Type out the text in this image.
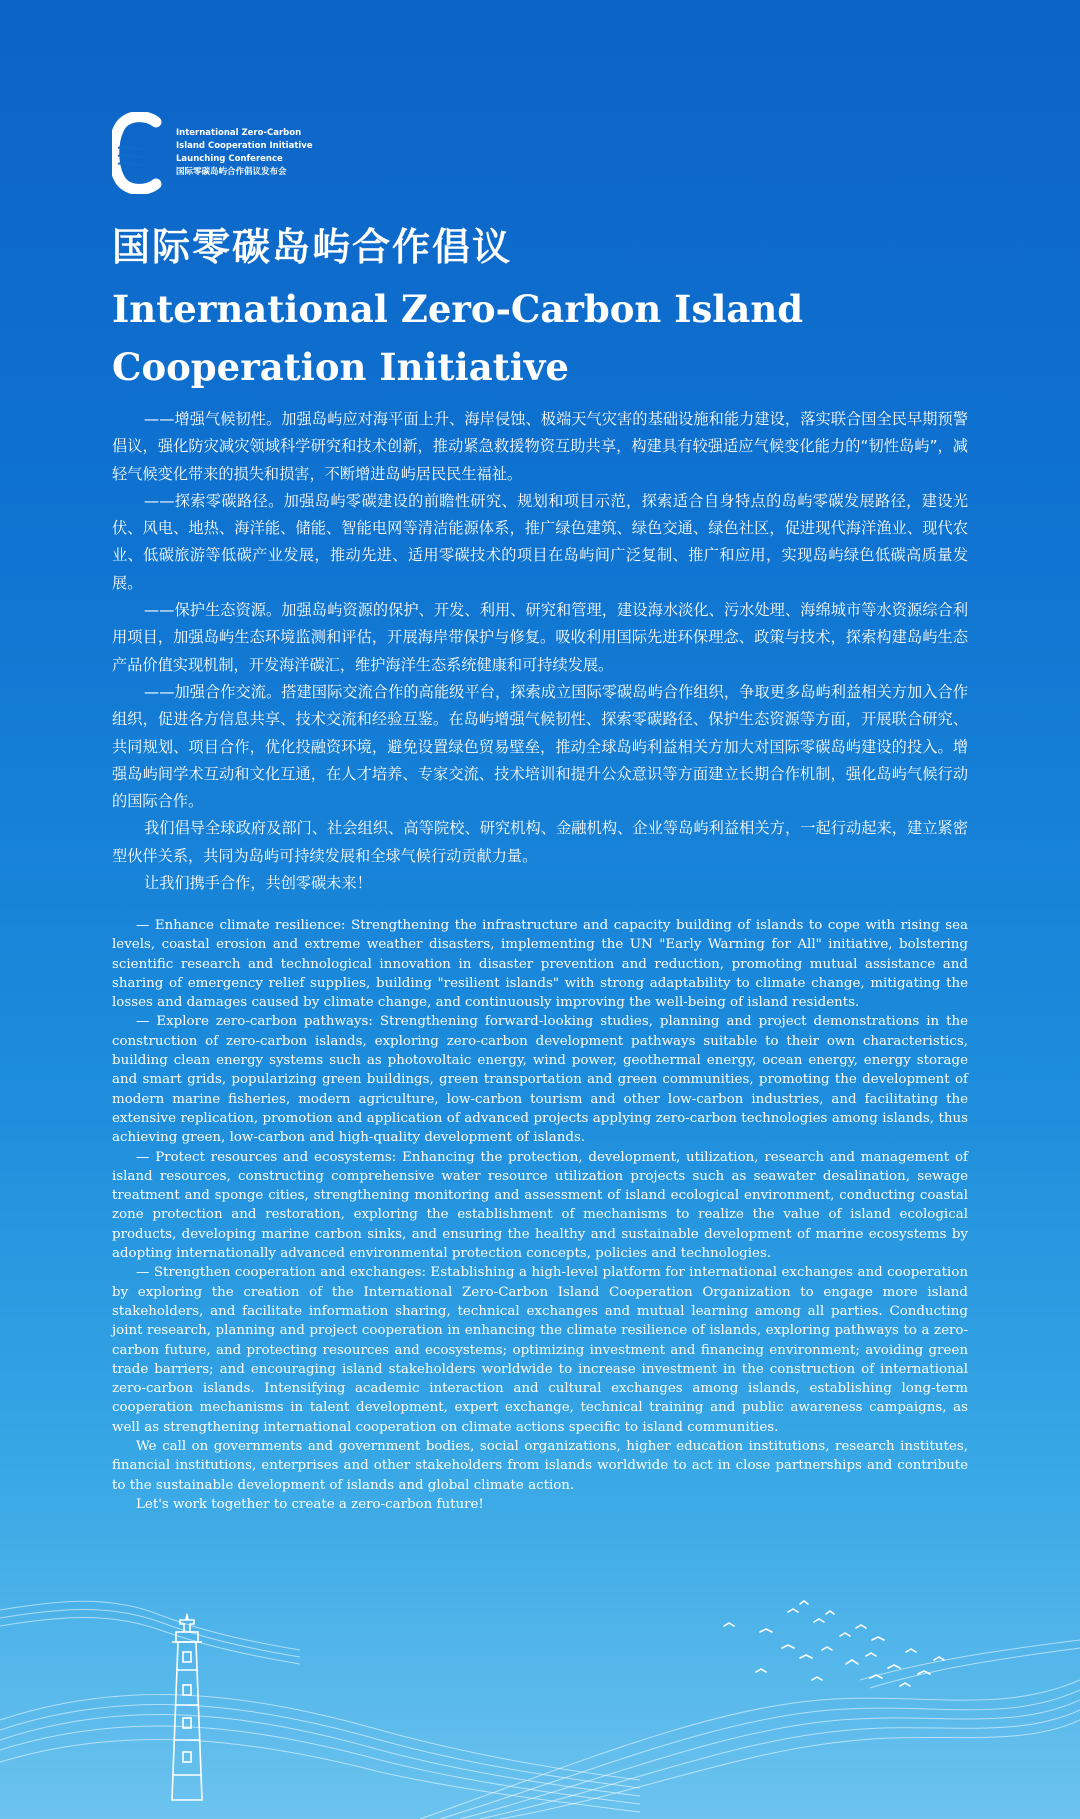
International Zero-Carbon
Island Cooperation Initiative
Launching Conference
国际零碳岛屿合作倡议发布会
国际零碳岛屿合作倡议
International Zero-Carbon Island Cooperation Initiative

——增强气候韧性。加强岛屿应对海平面上升、海岸侵蚀、极端天气灾害的基础设施和能力建设，落实联合国全民早期预警倡议，强化防灾减灾领域科学研究和技术创新，推动紧急救援物资互助共享，构建具有较强适应气候变化能力的“韧性岛屿”，减轻气候变化带来的损失和损害，不断增进岛屿居民民生福祉。

——探索零碳路径。加强岛屿零碳建设的前瞻性研究、规划和项目示范，探索适合自身特点的岛屿零碳发展路径，建设光伏、风电、地热、海洋能、储能、智能电网等清洁能源体系，推广绿色建筑、绿色交通、绿色社区，促进现代海洋渔业、现代农业、低碳旅游等低碳产业发展，推动先进、适用零碳技术的项目在岛屿间广泛复制、推广和应用，实现岛屿绿色低碳高质量发展。

——保护生态资源。加强岛屿资源的保护、开发、利用、研究和管理，建设海水淡化、污水处理、海绵城市等水资源综合利用项目，加强岛屿生态环境监测和评估，开展海岸带保护与修复。吸收利用国际先进环保理念、政策与技术，探索构建岛屿生态产品价值实现机制，开发海洋碳汇，维护海洋生态系统健康和可持续发展。

——加强合作交流。搭建国际交流合作的高能级平台，探索成立国际零碳岛屿合作组织，争取更多岛屿利益相关方加入合作组织，促进各方信息共享、技术交流和经验互鉴。在岛屿增强气候韧性、探索零碳路径、保护生态资源等方面，开展联合研究、共同规划、项目合作，优化投融资环境，避免设置绿色贸易壁垒，推动全球岛屿利益相关方加大对国际零碳岛屿建设的投入。增强岛屿间学术互动和文化互通，在人才培养、专家交流、技术培训和提升公众意识等方面建立长期合作机制，强化岛屿气候行动的国际合作。

我们倡导全球政府及部门、社会组织、高等院校、研究机构、金融机构、企业等岛屿利益相关方，一起行动起来，建立紧密型伙伴关系，共同为岛屿可持续发展和全球气候行动贡献力量。

让我们携手合作，共创零碳未来！

— Enhance climate resilience: Strengthening the infrastructure and capacity building of islands to cope with rising sea levels, coastal erosion and extreme weather disasters, implementing the UN "Early Warning for All" initiative, bolstering scientific research and technological innovation in disaster prevention and reduction, promoting mutual assistance and sharing of emergency relief supplies, building "resilient islands" with strong adaptability to climate change, mitigating the losses and damages caused by climate change, and continuously improving the well-being of island residents.

— Explore zero-carbon pathways: Strengthening forward-looking studies, planning and project demonstrations in the construction of zero-carbon islands, exploring zero-carbon development pathways suitable to their own characteristics, building clean energy systems such as photovoltaic energy, wind power, geothermal energy, ocean energy, energy storage and smart grids, popularizing green buildings, green transportation and green communities, promoting the development of modern marine fisheries, modern agriculture, low-carbon tourism and other low-carbon industries, and facilitating the extensive replication, promotion and application of advanced projects applying zero-carbon technologies among islands, thus achieving green, low-carbon and high-quality development of islands.

— Protect resources and ecosystems: Enhancing the protection, development, utilization, research and management of island resources, constructing comprehensive water resource utilization projects such as seawater desalination, sewage treatment and sponge cities, strengthening monitoring and assessment of island ecological environment, conducting coastal zone protection and restoration, exploring the establishment of mechanisms to realize the value of island ecological products, developing marine carbon sinks, and ensuring the healthy and sustainable development of marine ecosystems by adopting internationally advanced environmental protection concepts, policies and technologies.

— Strengthen cooperation and exchanges: Establishing a high-level platform for international exchanges and cooperation by exploring the creation of the International Zero-Carbon Island Cooperation Organization to engage more island stakeholders, and facilitate information sharing, technical exchanges and mutual learning among all parties. Conducting joint research, planning and project cooperation in enhancing the climate resilience of islands, exploring pathways to a zero-carbon future, and protecting resources and ecosystems; optimizing investment and financing environment; avoiding green trade barriers; and encouraging island stakeholders worldwide to increase investment in the construction of international zero-carbon islands. Intensifying academic interaction and cultural exchanges among islands, establishing long-term cooperation mechanisms in talent development, expert exchange, technical training and public awareness campaigns, as well as strengthening international cooperation on climate actions specific to island communities.

We call on governments and government bodies, social organizations, higher education institutions, research institutes, financial institutions, enterprises and other stakeholders from islands worldwide to act in close partnerships and contribute to the sustainable development of islands and global climate action.

Let's work together to create a zero-carbon future!
